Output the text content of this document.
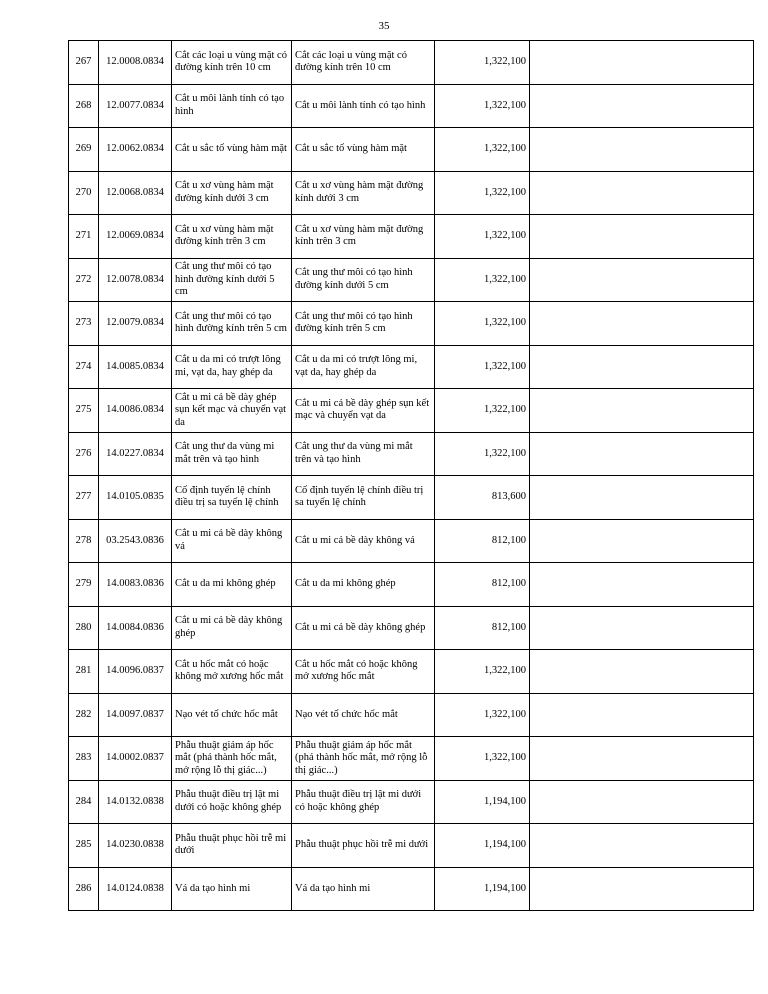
35
267	12.0008.0834	Cắt các loại u vùng mặt có đường kính trên 10 cm	Cắt các loại u vùng mặt có đường kính trên 10 cm	1,322,100	
268	12.0077.0834	Cắt u môi lành tính có tạo hình	Cắt u môi lành tính có tạo hình	1,322,100	
269	12.0062.0834	Cắt u sắc tố vùng hàm mặt	Cắt u sắc tố vùng hàm mặt	1,322,100	
270	12.0068.0834	Cắt u xơ vùng hàm mặt đường kính dưới 3 cm	Cắt u xơ vùng hàm mặt đường kính dưới 3 cm	1,322,100	
271	12.0069.0834	Cắt u xơ vùng hàm mặt đường kính trên 3 cm	Cắt u xơ vùng hàm mặt đường kính trên 3 cm	1,322,100	
272	12.0078.0834	Cắt ung thư môi có tạo hình đường kính dưới 5 cm	Cắt ung thư môi có tạo hình đường kính dưới 5 cm	1,322,100	
273	12.0079.0834	Cắt ung thư môi có tạo hình đường kính trên 5 cm	Cắt ung thư môi có tạo hình đường kính trên 5 cm	1,322,100	
274	14.0085.0834	Cắt u da mi có trượt lông mi, vạt da, hay ghép da	Cắt u da mi có trượt lông mi, vạt da, hay ghép da	1,322,100	
275	14.0086.0834	Cắt u mi cả bề dày ghép sụn kết mạc và chuyển vạt da	Cắt u mi cả bề dày ghép sụn kết mạc và chuyển vạt da	1,322,100	
276	14.0227.0834	Cắt ung thư da vùng mi mắt trên và tạo hình	Cắt ung thư da vùng mi mắt trên và tạo hình	1,322,100	
277	14.0105.0835	Cố định tuyến lệ chính điều trị sa tuyến lệ chính	Cố định tuyến lệ chính điều trị sa tuyến lệ chính	813,600	
278	03.2543.0836	Cắt u mi cả bề dày không vá	Cắt u mi cả bề dày không vá	812,100	
279	14.0083.0836	Cắt u da mi không ghép	Cắt u da mi không ghép	812,100	
280	14.0084.0836	Cắt u mi cả bề dày không ghép	Cắt u mi cả bề dày không ghép	812,100	
281	14.0096.0837	Cắt u hốc mắt có hoặc không mở xương hốc mắt	Cắt u hốc mắt có hoặc không mở xương hốc mắt	1,322,100	
282	14.0097.0837	Nạo vét tổ chức hốc mắt	Nạo vét tổ chức hốc mắt	1,322,100	
283	14.0002.0837	Phẫu thuật giảm áp hốc mắt (phá thành hốc mắt, mở rộng lỗ thị giác...)	Phẫu thuật giảm áp hốc mắt (phá thành hốc mắt, mở rộng lỗ thị giác...)	1,322,100	
284	14.0132.0838	Phẫu thuật điều trị lật mi dưới có hoặc không ghép	Phẫu thuật điều trị lật mi dưới có hoặc không ghép	1,194,100	
285	14.0230.0838	Phẫu thuật phục hồi trễ mi dưới	Phẫu thuật phục hồi trễ mi dưới	1,194,100	
286	14.0124.0838	Vá da tạo hình mi	Vá da tạo hình mi	1,194,100	
